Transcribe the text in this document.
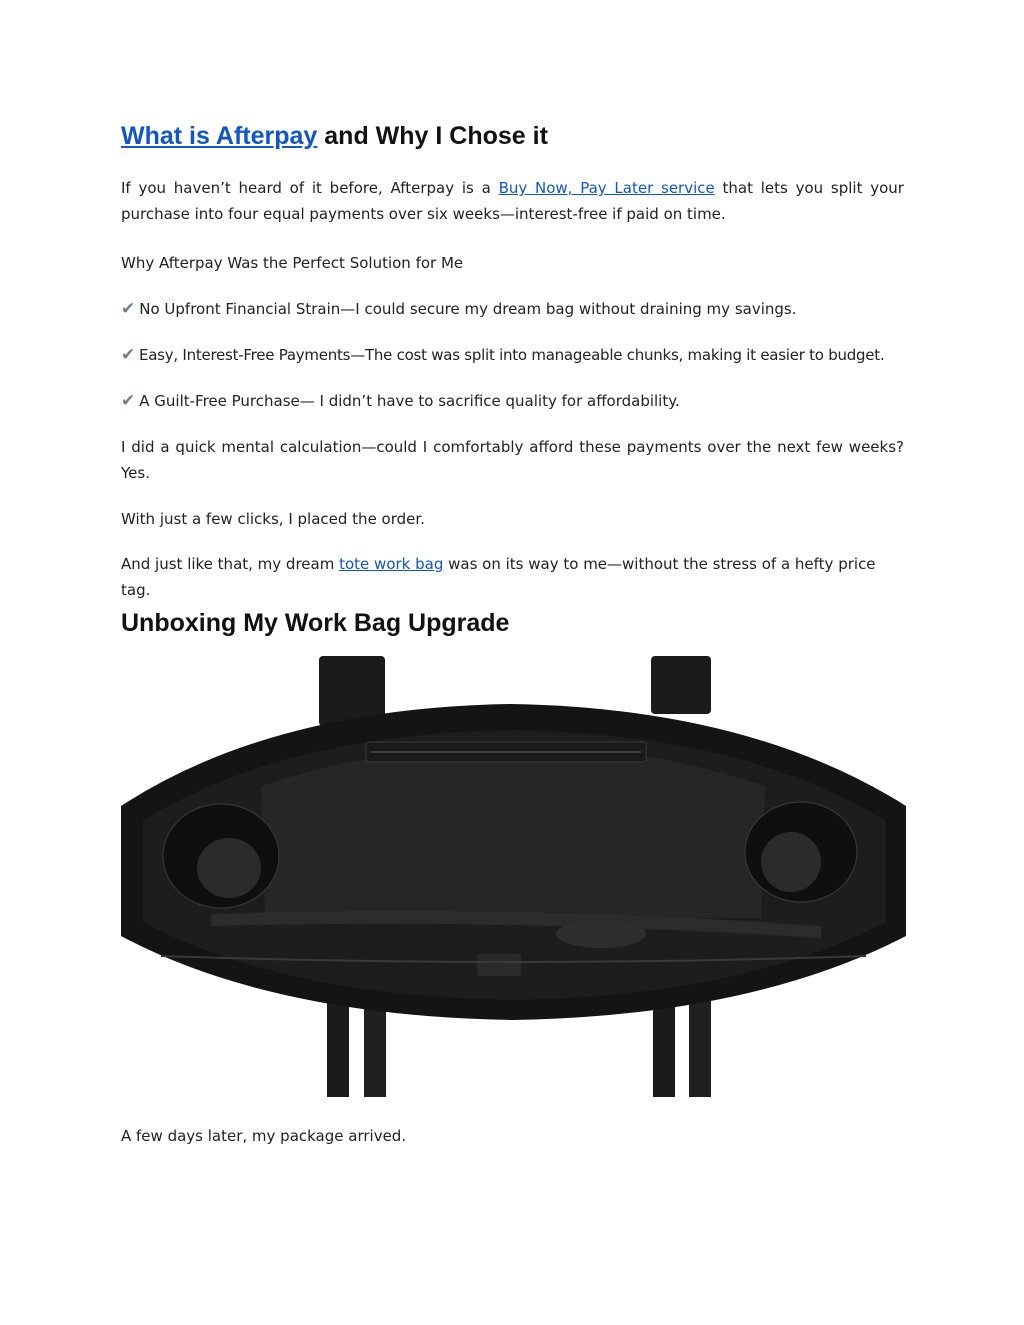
What is Afterpay and Why I Chose it

If you haven’t heard of it before, Afterpay is a Buy Now, Pay Later service that lets you split your purchase into four equal payments over six weeks—interest-free if paid on time.

Why Afterpay Was the Perfect Solution for Me

✔ No Upfront Financial Strain—I could secure my dream bag without draining my savings.

✔ Easy, Interest-Free Payments—The cost was split into manageable chunks, making it easier to budget.

✔ A Guilt-Free Purchase— I didn’t have to sacrifice quality for affordability.

I did a quick mental calculation—could I comfortably afford these payments over the next few weeks? Yes.

With just a few clicks, I placed the order.

And just like that, my dream tote work bag was on its way to me—without the stress of a hefty price tag.

Unboxing My Work Bag Upgrade

A few days later, my package arrived.
